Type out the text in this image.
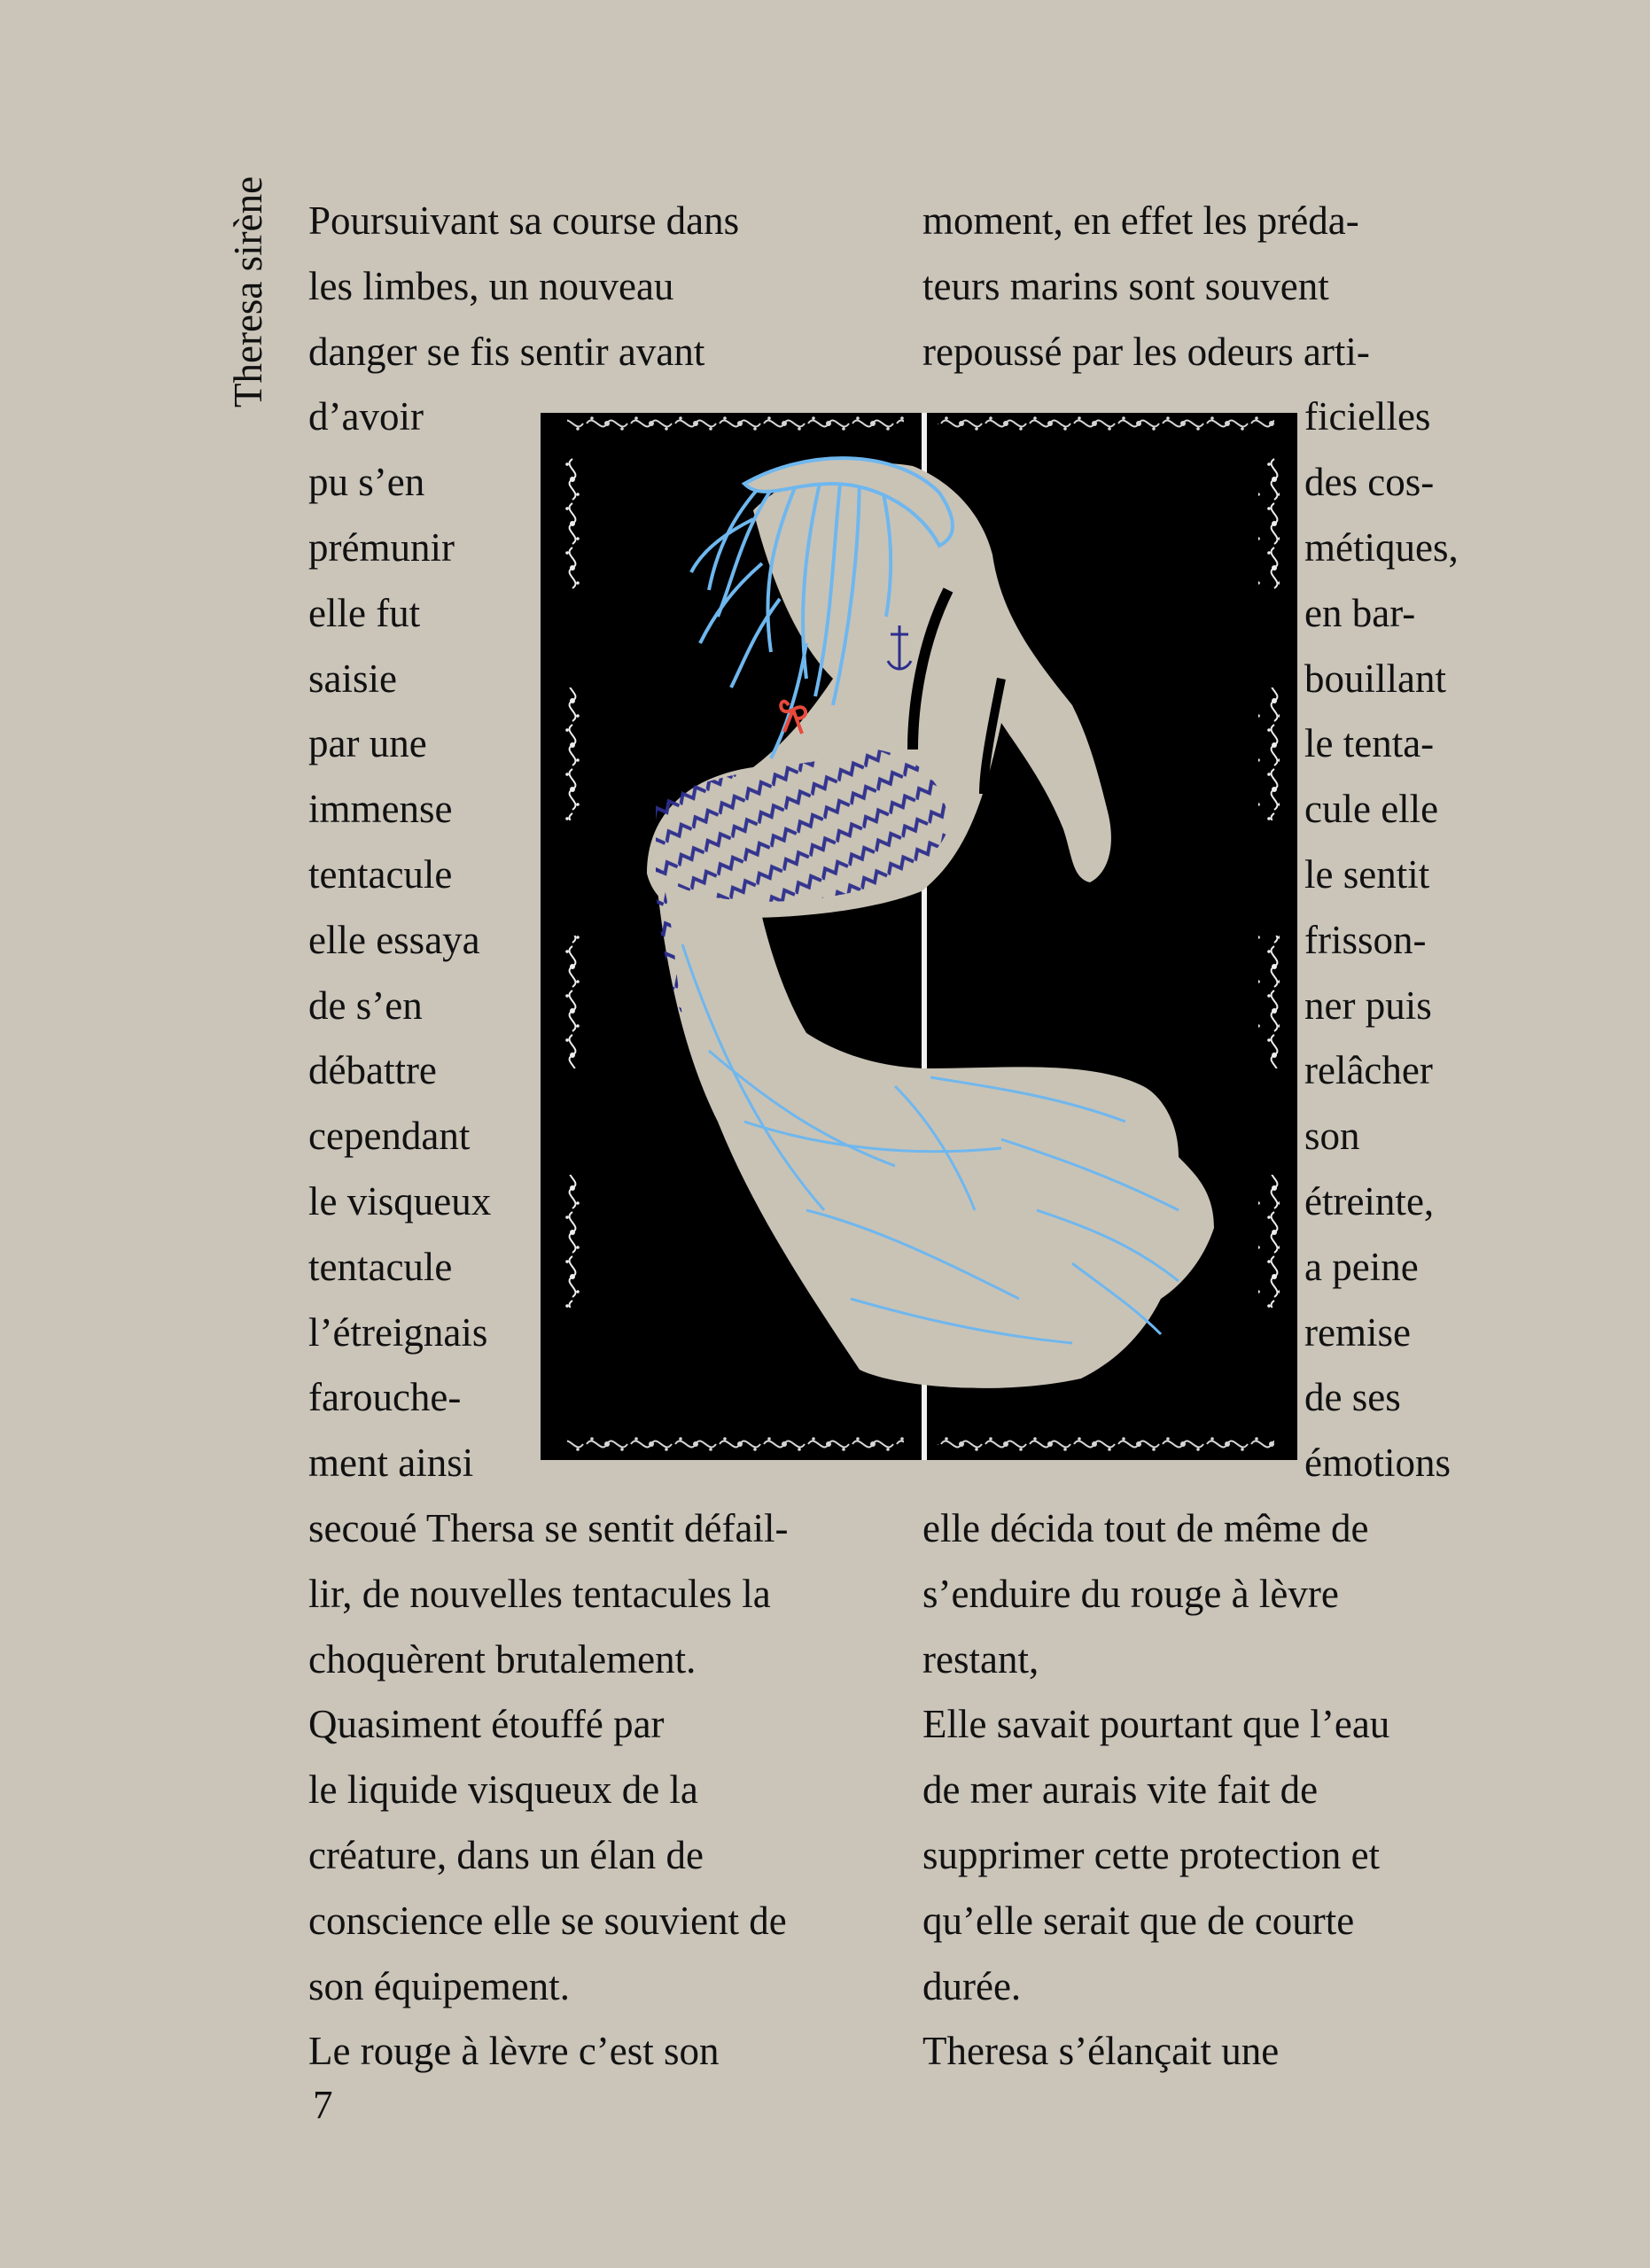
Theresa sirène Poursuivant sa course dans
les limbes, un nouveau
danger se fis sentir avant
d’avoir
pu s’en
prémunir
elle fut
saisie
par une
immense
tentacule
elle essaya
de s’en
débattre
cependant
le visqueux
tentacule
l’étreignais
farouche-
ment ainsi
secoué Thersa se sentit défail-
lir, de nouvelles tentacules la
choquèrent brutalement.
Quasiment étouffé par
le liquide visqueux de la
créature, dans un élan de
conscience elle se souvient de
son équipement.
Le rouge à lèvre c’est son
moment, en effet les préda-
teurs marins sont souvent
repoussé par les odeurs arti-
ficielles
des cos-
métiques,
en bar-
bouillant
le tenta-
cule elle
le sentit
frisson-
ner puis
relâcher
son
étreinte,
a peine
remise
de ses
émotions
elle décida tout de même de
s’enduire du rouge à lèvre
restant,
Elle savait pourtant que l’eau
de mer aurais vite fait de
supprimer cette protection et
qu’elle serait que de courte
durée.
Theresa s’élançait une
7
